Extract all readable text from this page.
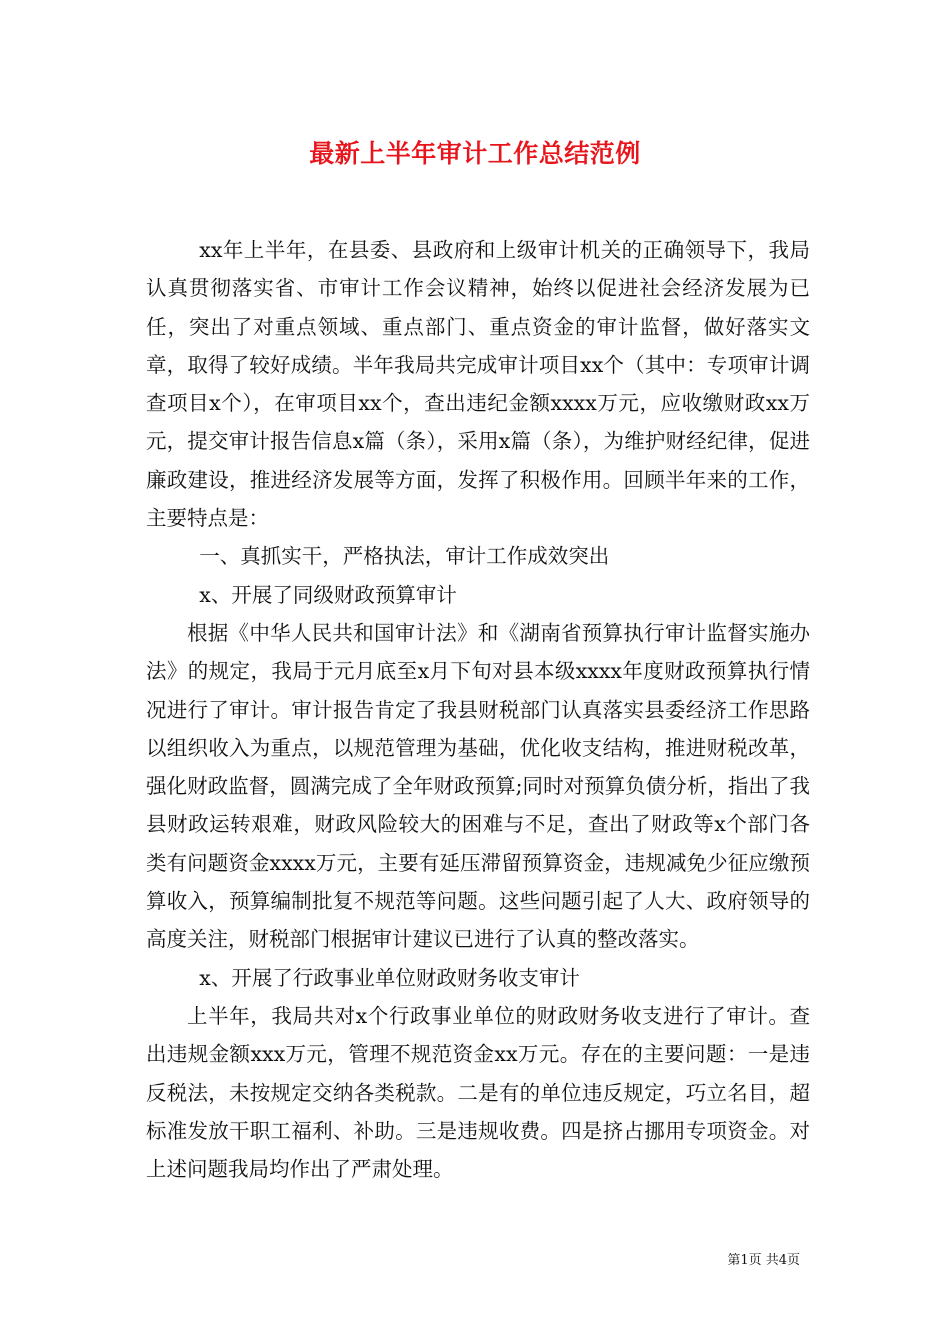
最新上半年审计工作总结范例

xx年上半年，在县委、县政府和上级审计机关的正确领导下，我局认真贯彻落实省、市审计工作会议精神，始终以促进社会经济发展为已任，突出了对重点领域、重点部门、重点资金的审计监督，做好落实文章，取得了较好成绩。半年我局共完成审计项目xx个（其中：专项审计调查项目x个），在审项目xx个，查出违纪金额xxxx万元，应收缴财政xx万元，提交审计报告信息x篇（条），采用x篇（条），为维护财经纪律，促进廉政建设，推进经济发展等方面，发挥了积极作用。回顾半年来的工作，主要特点是：

一、真抓实干，严格执法，审计工作成效突出

x、开展了同级财政预算审计

根据《中华人民共和国审计法》和《湖南省预算执行审计监督实施办法》的规定，我局于元月底至x月下旬对县本级xxxx年度财政预算执行情况进行了审计。审计报告肯定了我县财税部门认真落实县委经济工作思路以组织收入为重点，以规范管理为基础，优化收支结构，推进财税改革，强化财政监督，圆满完成了全年财政预算;同时对预算负债分析，指出了我县财政运转艰难，财政风险较大的困难与不足，查出了财政等x个部门各类有问题资金xxxx万元，主要有延压滞留预算资金，违规减免少征应缴预算收入，预算编制批复不规范等问题。这些问题引起了人大、政府领导的高度关注，财税部门根据审计建议已进行了认真的整改落实。

x、开展了行政事业单位财政财务收支审计

上半年，我局共对x个行政事业单位的财政财务收支进行了审计。查出违规金额xxx万元，管理不规范资金xx万元。存在的主要问题：一是违反税法，未按规定交纳各类税款。二是有的单位违反规定，巧立名目，超标准发放干职工福利、补助。三是违规收费。四是挤占挪用专项资金。对上述问题我局均作出了严肃处理。

第1页 共4页
